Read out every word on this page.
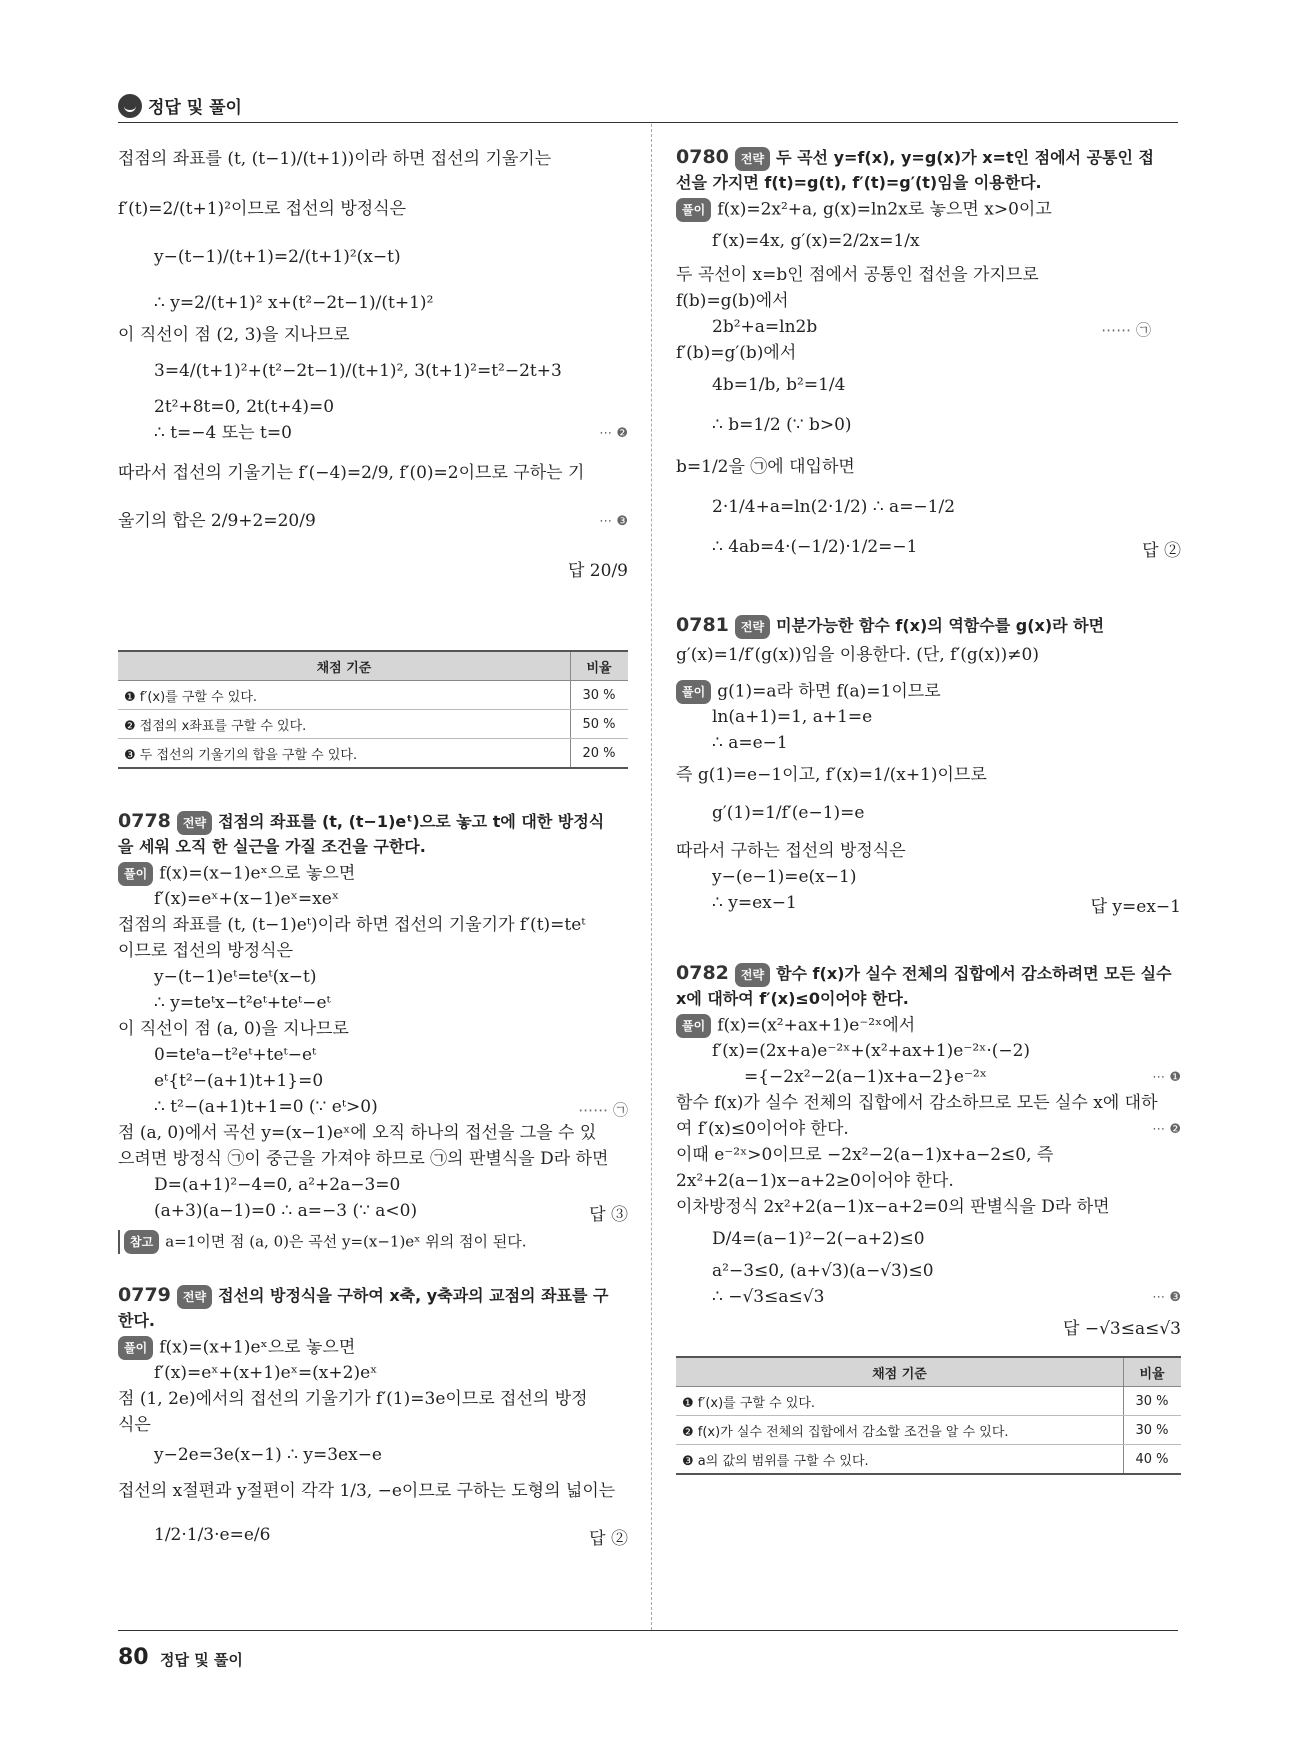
정답 및 풀이
접점의 좌표를 (t, (t−1)/(t+1))이라 하면 접선의 기울기는
f′(t)=2/(t+1)²이므로 접선의 방정식은
y−(t−1)/(t+1)=2/(t+1)²(x−t)
∴ y=2/(t+1)² x+(t²−2t−1)/(t+1)²
이 직선이 점 (2, 3)을 지나므로
3=4/(t+1)²+(t²−2t−1)/(t+1)², 3(t+1)²=t²−2t+3
2t²+8t=0, 2t(t+4)=0
∴ t=−4 또는 t=0	⋯ ❷
따라서 접선의 기울기는 f′(−4)=2/9, f′(0)=2이므로 구하는 기
울기의 합은 2/9+2=20/9	⋯ ❸
답 20/9
채점 기준	비율
❶ f′(x)를 구할 수 있다.	30 %
❷ 접점의 x좌표를 구할 수 있다.	50 %
❸ 두 접선의 기울기의 합을 구할 수 있다.	20 %
0778 전략 접점의 좌표를 (t, (t−1)eᵗ)으로 놓고 t에 대한 방정식
을 세워 오직 한 실근을 가질 조건을 구한다.
풀이 f(x)=(x−1)eˣ으로 놓으면
f′(x)=eˣ+(x−1)eˣ=xeˣ
접점의 좌표를 (t, (t−1)eᵗ)이라 하면 접선의 기울기가 f′(t)=teᵗ
이므로 접선의 방정식은
y−(t−1)eᵗ=teᵗ(x−t)
∴ y=teᵗx−t²eᵗ+teᵗ−eᵗ
이 직선이 점 (a, 0)을 지나므로
0=teᵗa−t²eᵗ+teᵗ−eᵗ
eᵗ{t²−(a+1)t+1}=0
∴ t²−(a+1)t+1=0 (∵ eᵗ>0)	⋯⋯ ㉠
점 (a, 0)에서 곡선 y=(x−1)eˣ에 오직 하나의 접선을 그을 수 있
으려면 방정식 ㉠이 중근을 가져야 하므로 ㉠의 판별식을 D라 하면
D=(a+1)²−4=0, a²+2a−3=0
(a+3)(a−1)=0 ∴ a=−3 (∵ a<0)	답 ③
참고 a=1이면 점 (a, 0)은 곡선 y=(x−1)eˣ 위의 점이 된다.
0779 전략 접선의 방정식을 구하여 x축, y축과의 교점의 좌표를 구
한다.
풀이 f(x)=(x+1)eˣ으로 놓으면
f′(x)=eˣ+(x+1)eˣ=(x+2)eˣ
점 (1, 2e)에서의 접선의 기울기가 f′(1)=3e이므로 접선의 방정
식은
y−2e=3e(x−1) ∴ y=3ex−e
접선의 x절편과 y절편이 각각 1/3, −e이므로 구하는 도형의 넓이는
1/2·1/3·e=e/6	답 ②
0780 전략 두 곡선 y=f(x), y=g(x)가 x=t인 점에서 공통인 접
선을 가지면 f(t)=g(t), f′(t)=g′(t)임을 이용한다.
풀이 f(x)=2x²+a, g(x)=ln2x로 놓으면 x>0이고
f′(x)=4x, g′(x)=2/2x=1/x
두 곡선이 x=b인 점에서 공통인 접선을 가지므로
f(b)=g(b)에서
2b²+a=ln2b	⋯⋯ ㉠
f′(b)=g′(b)에서
4b=1/b, b²=1/4
∴ b=1/2 (∵ b>0)
b=1/2을 ㉠에 대입하면
2·1/4+a=ln(2·1/2) ∴ a=−1/2
∴ 4ab=4·(−1/2)·1/2=−1	답 ②
0781 전략 미분가능한 함수 f(x)의 역함수를 g(x)라 하면
g′(x)=1/f′(g(x))임을 이용한다. (단, f′(g(x))≠0)
풀이 g(1)=a라 하면 f(a)=1이므로
ln(a+1)=1, a+1=e
∴ a=e−1
즉 g(1)=e−1이고, f′(x)=1/(x+1)이므로
g′(1)=1/f′(e−1)=e
따라서 구하는 접선의 방정식은
y−(e−1)=e(x−1)
∴ y=ex−1	답 y=ex−1
0782 전략 함수 f(x)가 실수 전체의 집합에서 감소하려면 모든 실수
x에 대하여 f′(x)≤0이어야 한다.
풀이 f(x)=(x²+ax+1)e⁻²ˣ에서
f′(x)=(2x+a)e⁻²ˣ+(x²+ax+1)e⁻²ˣ·(−2)
={−2x²−2(a−1)x+a−2}e⁻²ˣ	⋯ ❶
함수 f(x)가 실수 전체의 집합에서 감소하므로 모든 실수 x에 대하
여 f′(x)≤0이어야 한다.	⋯ ❷
이때 e⁻²ˣ>0이므로 −2x²−2(a−1)x+a−2≤0, 즉
2x²+2(a−1)x−a+2≥0이어야 한다.
이차방정식 2x²+2(a−1)x−a+2=0의 판별식을 D라 하면
D/4=(a−1)²−2(−a+2)≤0
a²−3≤0, (a+√3)(a−√3)≤0
∴ −√3≤a≤√3	⋯ ❸
답 −√3≤a≤√3
채점 기준	비율
❶ f′(x)를 구할 수 있다.	30 %
❷ f(x)가 실수 전체의 집합에서 감소할 조건을 알 수 있다.	30 %
❸ a의 값의 범위를 구할 수 있다.	40 %
80 정답 및 풀이
